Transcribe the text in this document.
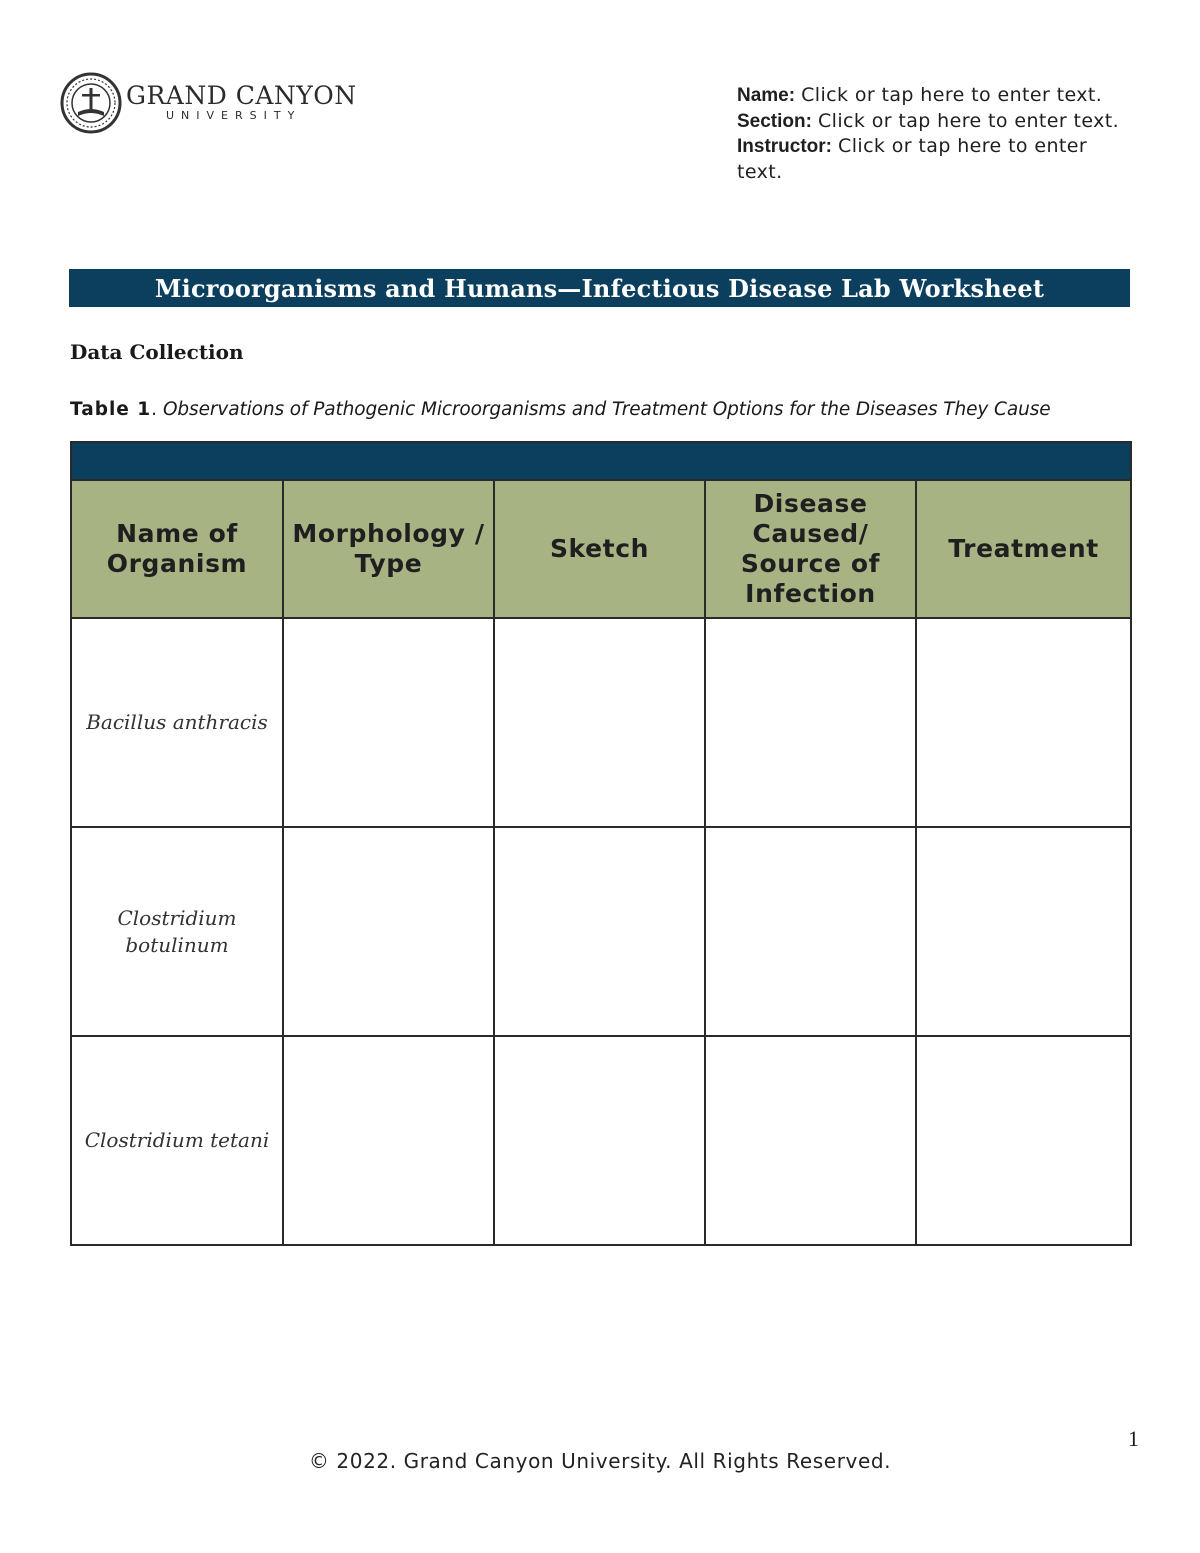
GRAND CANYON
UNIVERSITY
Name: Click or tap here to enter text.
Section: Click or tap here to enter text.
Instructor: Click or tap here to enter text.
Microorganisms and Humans—Infectious Disease Lab Worksheet
Data Collection
Table 1. Observations of Pathogenic Microorganisms and Treatment Options for the Diseases They Cause

Name of Organism	Morphology / Type	Sketch	Disease Caused/ Source of Infection	Treatment

Bacillus anthracis				

Clostridium botulinum				

Clostridium tetani				

1
© 2022. Grand Canyon University. All Rights Reserved.
